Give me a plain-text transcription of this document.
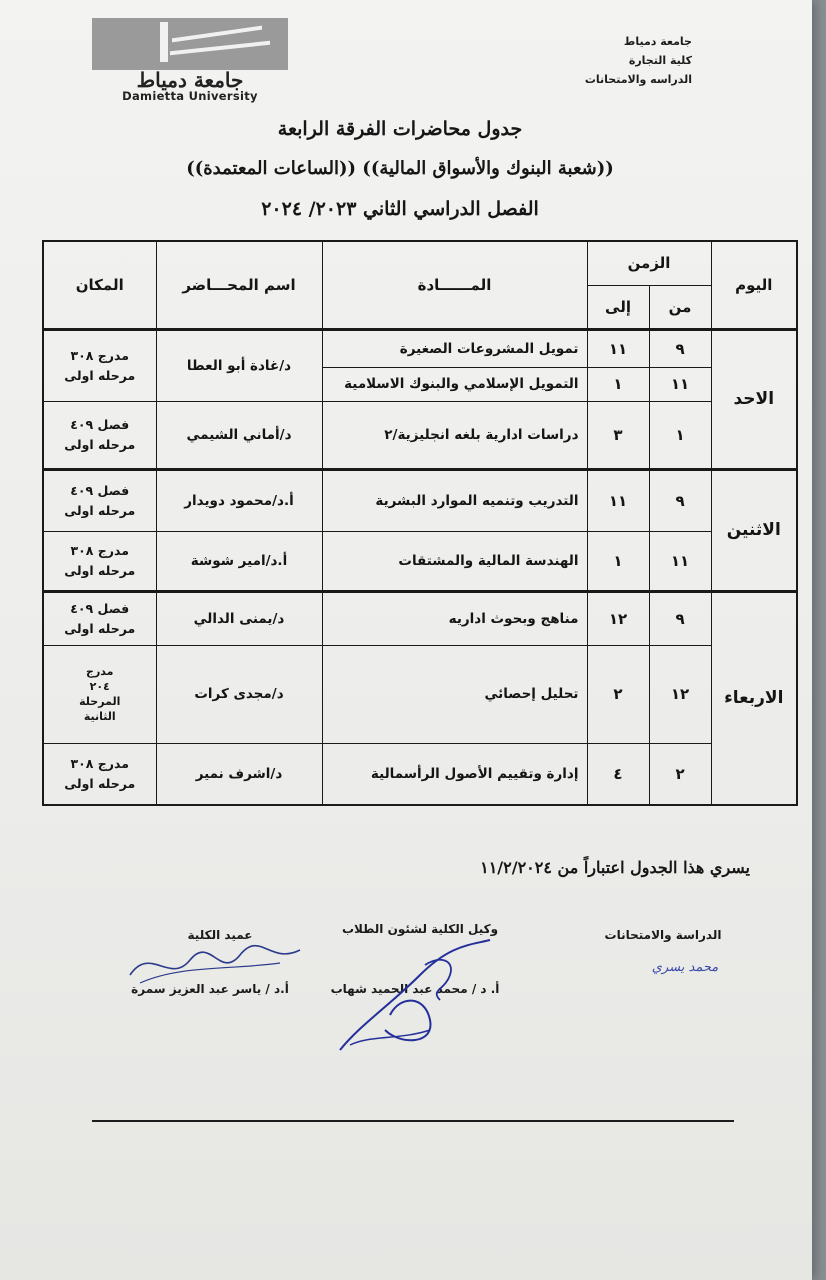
جامعة دمياط
Damietta University
جامعة دمياط
كلية التجارة
الدراسه والامتحانات
جدول محاضرات الفرقة الرابعة
((شعبة البنوك والأسواق المالية)) ((الساعات المعتمدة))
الفصل الدراسي الثاني ٢٠٢٣/ ٢٠٢٤
اليوم	الزمن		المــــــادة	اسم المحـــاضر	المكان
	من	إلى			
الاحد	٩	١١	تمويل المشروعات الصغيرة	د/غادة أبو العطا	مدرج ٣٠٨
مرحله اولى

	١١	١	التمويل الإسلامي والبنوك الاسلامية		
	١	٣	دراسات ادارية بلغه انجليزية/٢	د/أماني الشيمي	فصل ٤٠٩
مرحله اولى

الاثنين	٩	١١	التدريب وتنميه الموارد البشرية	أ.د/محمود دويدار	فصل ٤٠٩
مرحله اولى

	١١	١	الهندسة المالية والمشتقات	أ.د/امير شوشة	مدرج ٣٠٨
مرحله اولى

الاربعاء	٩	١٢	مناهج وبحوث اداريه	د/يمنى الدالي	فصل ٤٠٩
مرحله اولى

	١٢	٢	تحليل إحصائي	د/مجدى كرات	مدرج
٢٠٤
المرحلة
الثانية

	٢	٤	إدارة وتقييم الأصول الرأسمالية	د/اشرف نمير	مدرج ٣٠٨
مرحله اولى
يسري هذا الجدول اعتباراً من ١١/٢/٢٠٢٤
عميد الكلية
أ.د / ياسر عبد العزيز سمرة
وكيل الكلية لشئون الطلاب
أ. د / محمد عبد الحميد شهاب
الدراسة والامتحانات
محمد يسري
